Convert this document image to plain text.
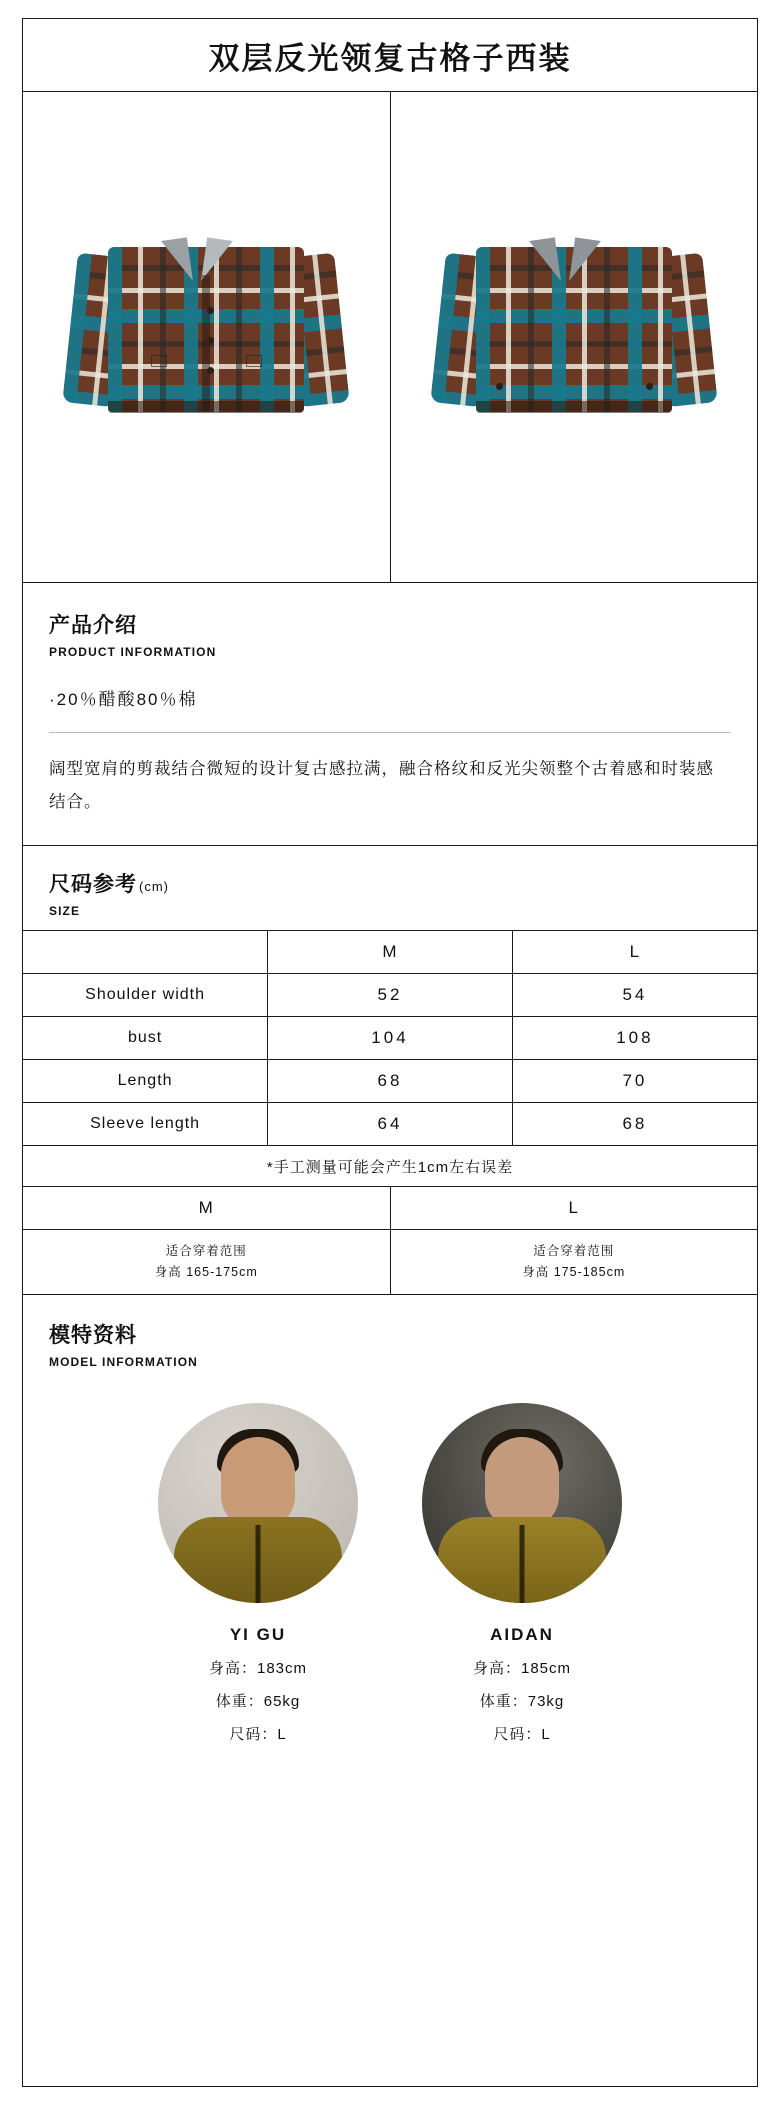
双层反光领复古格子西装
产品介绍
PRODUCT INFORMATION

·20％醋酸80％棉

阔型宽肩的剪裁结合微短的设计复古感拉满，融合格纹和反光尖领整个古着感和时装感结合。

尺码参考 (cm)
SIZE
	M	L
Shoulder width	52	54
bust	104	108
Length	68	70
Sleeve length	64	68
*手工测量可能会产生1cm左右误差		
M	L

适合穿着范围
身高 165-175cm

适合穿着范围
身高 175-185cm
模特资料
MODEL INFORMATION
YI GU
身高：183cm
体重：65kg
尺码：L
AIDAN
身高：185cm
体重：73kg
尺码：L
